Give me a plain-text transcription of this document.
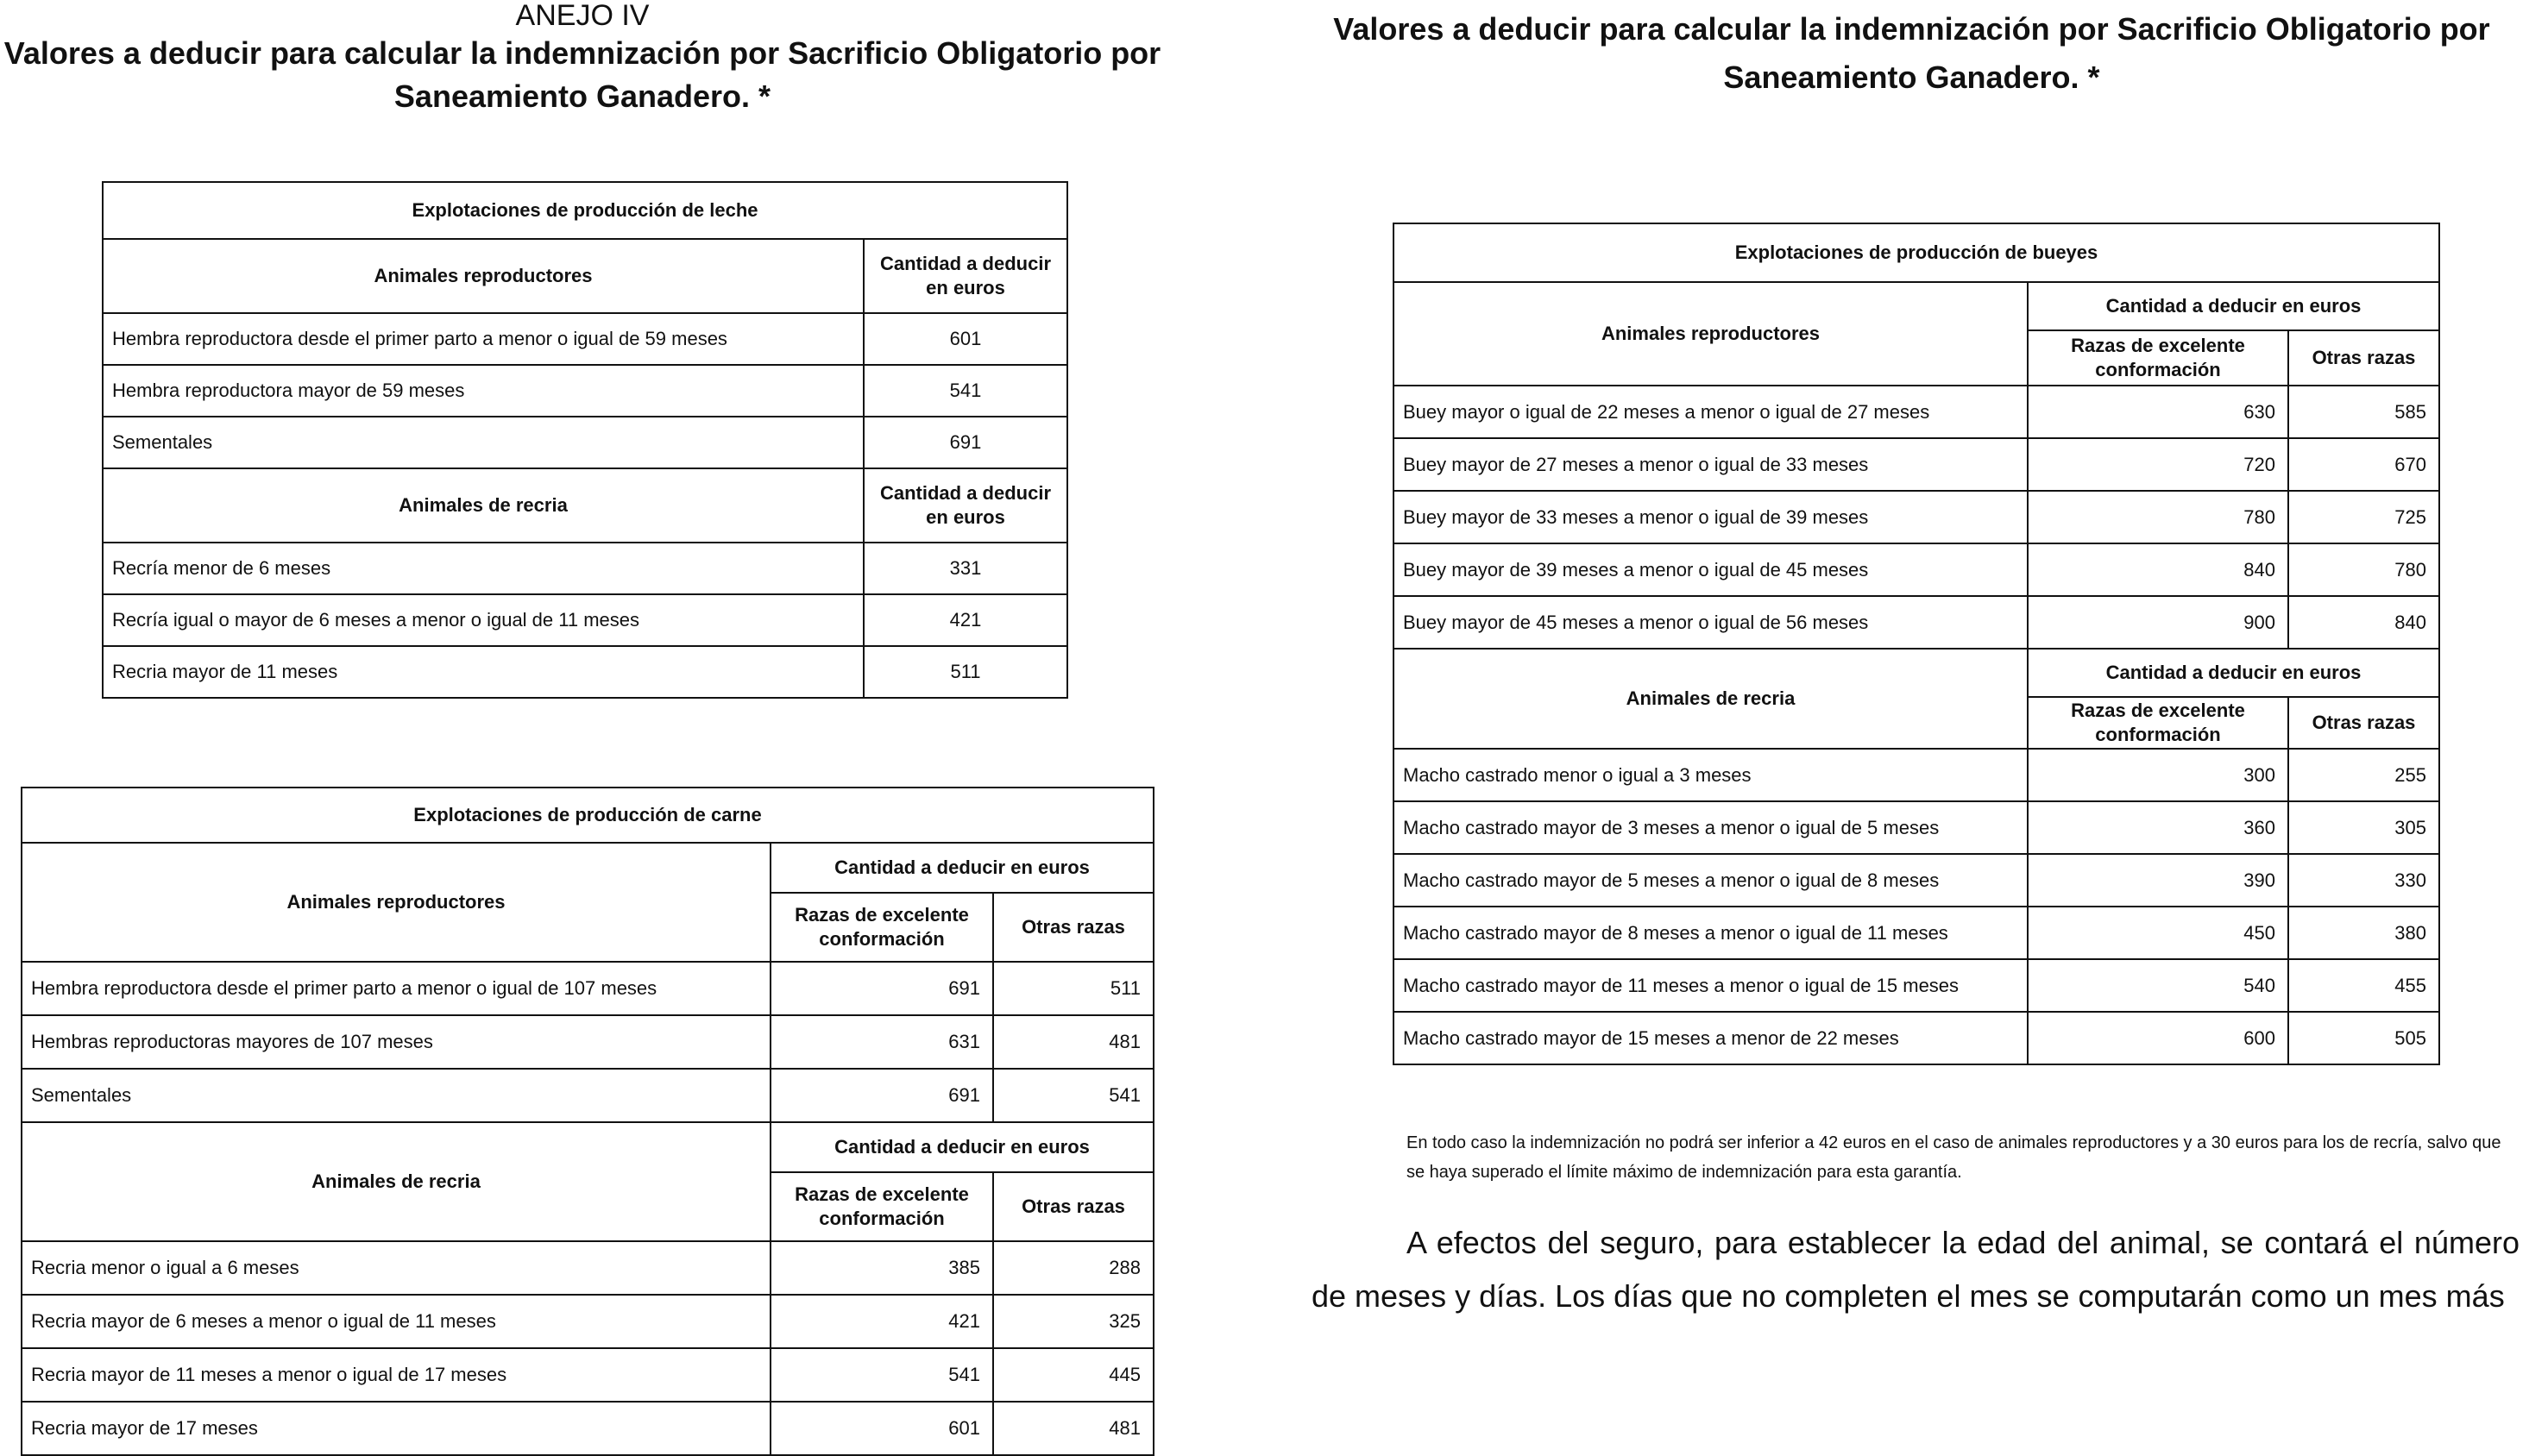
ANEJO IV
Valores a deducir para calcular la indemnización por Sacrificio Obligatorio por
Saneamiento Ganadero. *
Valores a deducir para calcular la indemnización por Sacrificio Obligatorio por
Saneamiento Ganadero. *
Explotaciones de producción de leche	
Animales reproductores	Cantidad a deducir en euros
Hembra reproductora desde el primer parto a menor o igual de 59 meses	601
Hembra reproductora mayor de 59 meses	541
Sementales	691
Animales de recria	Cantidad a deducir en euros
Recría menor de 6 meses	331
Recría igual o mayor de 6 meses a menor o igual de 11 meses	421
Recria mayor de 11 meses	511
Explotaciones de producción de carne		
Animales reproductores	Cantidad a deducir en euros	
	Razas de excelente conformación	Otras razas
Hembra reproductora desde el primer parto a menor o igual de 107 meses	691	511
Hembras reproductoras mayores de 107 meses	631	481
Sementales	691	541
Animales de recria	Cantidad a deducir en euros	
	Razas de excelente conformación	Otras razas
Recria menor o igual a 6 meses	385	288
Recria mayor de 6 meses a menor o igual de 11 meses	421	325
Recria mayor de 11 meses a menor o igual de 17 meses	541	445
Recria mayor de 17 meses	601	481
Explotaciones de producción de bueyes		
Animales reproductores	Cantidad a deducir en euros	
	Razas de excelente conformación	Otras razas
Buey mayor o igual de 22 meses a menor o igual de 27 meses	630	585
Buey mayor de 27 meses a menor o igual de 33 meses	720	670
Buey mayor de 33 meses a menor o igual de 39 meses	780	725
Buey mayor de 39 meses a menor o igual de 45 meses	840	780
Buey mayor de 45 meses a menor o igual de 56 meses	900	840
Animales de recria	Cantidad a deducir en euros	
	Razas de excelente conformación	Otras razas
Macho castrado menor o igual a 3 meses	300	255
Macho castrado mayor de 3 meses a menor o igual de 5 meses	360	305
Macho castrado mayor de 5 meses a menor o igual de 8 meses	390	330
Macho castrado mayor de 8 meses a menor o igual de 11 meses	450	380
Macho castrado mayor de 11 meses a menor o igual de 15 meses	540	455
Macho castrado mayor de 15 meses a menor de 22 meses	600	505
En todo caso la indemnización no podrá ser inferior a 42 euros en el caso de animales reproductores y a 30 euros para los de recría, salvo que se haya superado el límite máximo de indemnización para esta garantía.
A efectos del seguro, para establecer la edad del animal, se contará el número de meses y días. Los días que no completen el mes se computarán como un mes más
